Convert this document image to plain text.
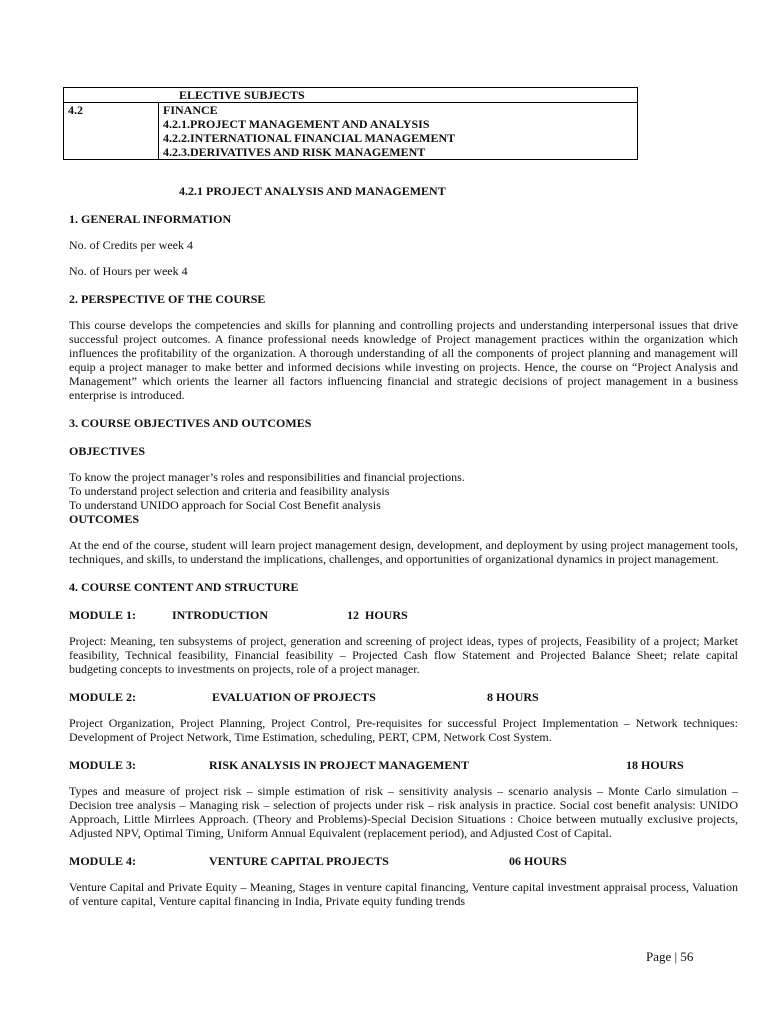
ELECTIVE SUBJECTS
4.2	FINANCE
4.2.1.PROJECT MANAGEMENT AND ANALYSIS
4.2.2.INTERNATIONAL FINANCIAL MANAGEMENT
4.2.3.DERIVATIVES AND RISK MANAGEMENT
4.2.1 PROJECT ANALYSIS AND MANAGEMENT
1. GENERAL INFORMATION

No. of Credits per week 4

No. of Hours per week 4

2. PERSPECTIVE OF THE COURSE

This course develops the competencies and skills for planning and controlling projects and understanding interpersonal issues that drive successful project outcomes. A finance professional needs knowledge of Project management practices within the organization which influences the profitability of the organization. A thorough understanding of all the components of project planning and management will equip a project manager to make better and informed decisions while investing on projects. Hence, the course on “Project Analysis and Management” which orients the learner all factors influencing financial and strategic decisions of project management in a business enterprise is introduced.

3. COURSE OBJECTIVES AND OUTCOMES
OBJECTIVES

To know the project manager’s roles and responsibilities and financial projections.
To understand project selection and criteria and feasibility analysis
To understand UNIDO approach for Social Cost Benefit analysis

OUTCOMES

At the end of the course, student will learn project management design, development, and deployment by using project management tools, techniques, and skills, to understand the implications, challenges, and opportunities of organizational dynamics in project management.

4. COURSE CONTENT AND STRUCTURE
MODULE 1:	INTRODUCTION	12  HOURS

Project: Meaning, ten subsystems of project, generation and screening of project ideas, types of projects, Feasibility of a project; Market feasibility, Technical feasibility, Financial feasibility – Projected Cash flow Statement and Projected Balance Sheet; relate capital budgeting concepts to investments on projects, role of a project manager.

MODULE 2:	EVALUATION OF PROJECTS	8 HOURS

Project Organization, Project Planning, Project Control, Pre-requisites for successful Project Implementation – Network techniques: Development of Project Network, Time Estimation, scheduling, PERT, CPM, Network Cost System.

MODULE 3:	RISK ANALYSIS IN PROJECT MANAGEMENT	18 HOURS

Types and measure of project risk – simple estimation of risk – sensitivity analysis – scenario analysis – Monte Carlo simulation – Decision tree analysis – Managing risk – selection of projects under risk – risk analysis in practice. Social cost benefit analysis: UNIDO Approach, Little Mirrlees Approach. (Theory and Problems)-Special Decision Situations : Choice between mutually exclusive projects, Adjusted NPV, Optimal Timing, Uniform Annual Equivalent (replacement period), and Adjusted Cost of Capital.

MODULE 4:	VENTURE CAPITAL PROJECTS	06 HOURS

Venture Capital and Private Equity – Meaning, Stages in venture capital financing, Venture capital investment appraisal process, Valuation of venture capital, Venture capital financing in India, Private equity funding trends

Page | 56
